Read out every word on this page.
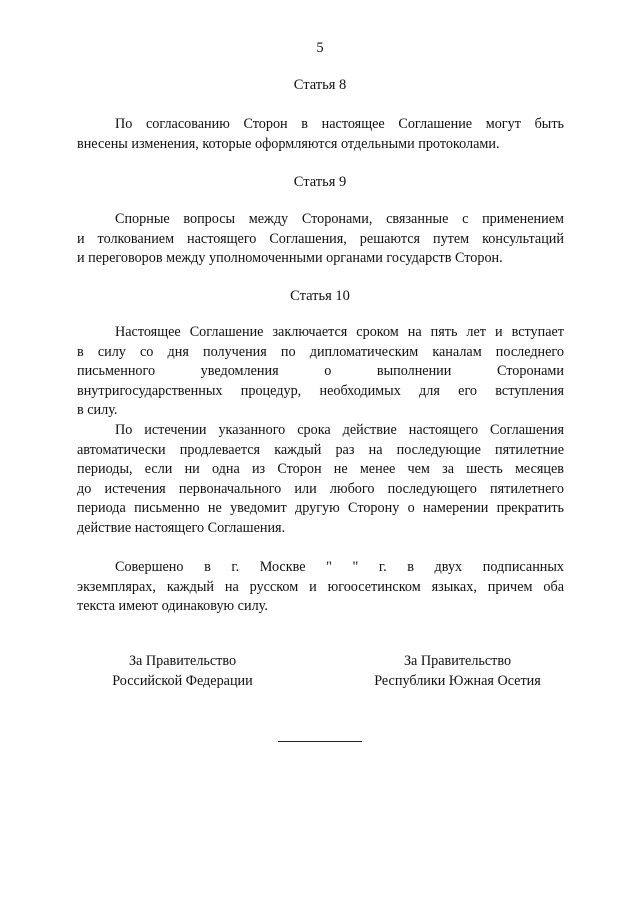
5
Статья 8
По согласованию Сторон в настоящее Соглашение могут быть
внесены изменения, которые оформляются отдельными протоколами.
Статья 9
Спорные вопросы между Сторонами, связанные с применением
и толкованием настоящего Соглашения, решаются путем консультаций
и переговоров между уполномоченными органами государств Сторон.
Статья 10
Настоящее Соглашение заключается сроком на пять лет и вступает
в силу со дня получения по дипломатическим каналам последнего
письменного уведомления о выполнении Сторонами
внутригосударственных процедур, необходимых для его вступления
в силу.
По истечении указанного срока действие настоящего Соглашения
автоматически продлевается каждый раз на последующие пятилетние
периоды, если ни одна из Сторон не менее чем за шесть месяцев
до истечения первоначального или любого последующего пятилетнего
периода письменно не уведомит другую Сторону о намерении прекратить
действие настоящего Соглашения.
Совершено в г. Москве " " г. в двух подписанных
экземплярах, каждый на русском и югоосетинском языках, причем оба
текста имеют одинаковую силу.
За Правительство
Российской Федерации
За Правительство
Республики Южная Осетия
